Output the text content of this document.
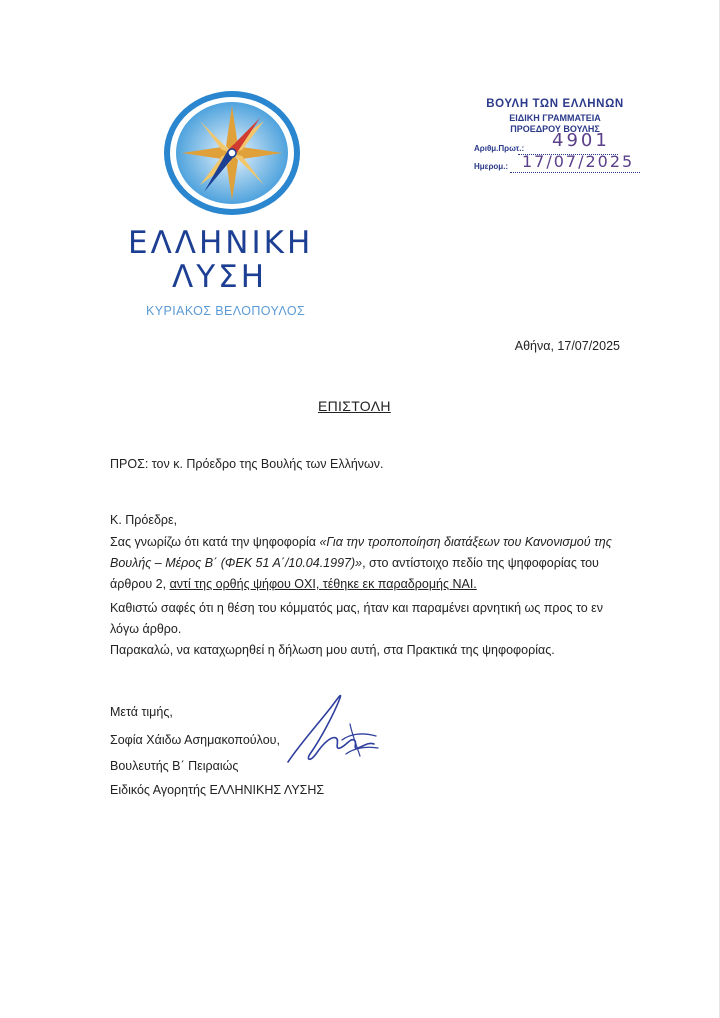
ΕΛΛΗΝΙΚΗ
ΛΥΣΗ
ΚΥΡΙΑΚΟΣ ΒΕΛΟΠΟΥΛΟΣ
ΒΟΥΛΗ ΤΩΝ ΕΛΛΗΝΩΝ
ΕΙΔΙΚΗ ΓΡΑΜΜΑΤΕΙΑ
ΠΡΟΕΔΡΟΥ ΒΟΥΛΗΣ
Αριθμ.Πρωτ.: 4901
Ημερομ.: 17/07/2025
Αθήνα, 17/07/2025
ΕΠΙΣΤΟΛΗ
ΠΡΟΣ: τον κ. Πρόεδρο της Βουλής των Ελλήνων.
Κ. Πρόεδρε,
Σας γνωρίζω ότι κατά την ψηφοφορία «Για την τροποποίηση διατάξεων του Κανονισμού της Βουλής – Μέρος Β΄ (ΦΕΚ 51 Α΄/10.04.1997)», στο αντίστοιχο πεδίο της ψηφοφορίας του άρθρου 2, αντί της ορθής ψήφου ΟΧΙ, τέθηκε εκ παραδρομής ΝΑΙ.
Καθιστώ σαφές ότι η θέση του κόμματός μας, ήταν και παραμένει αρνητική ως προς το εν λόγω άρθρο.
Παρακαλώ, να καταχωρηθεί η δήλωση μου αυτή, στα Πρακτικά της ψηφοφορίας.
Μετά τιμής,
Σοφία Χάιδω Ασημακοπούλου,
Βουλευτής Β΄ Πειραιώς
Ειδικός Αγορητής ΕΛΛΗΝΙΚΗΣ ΛΥΣΗΣ
